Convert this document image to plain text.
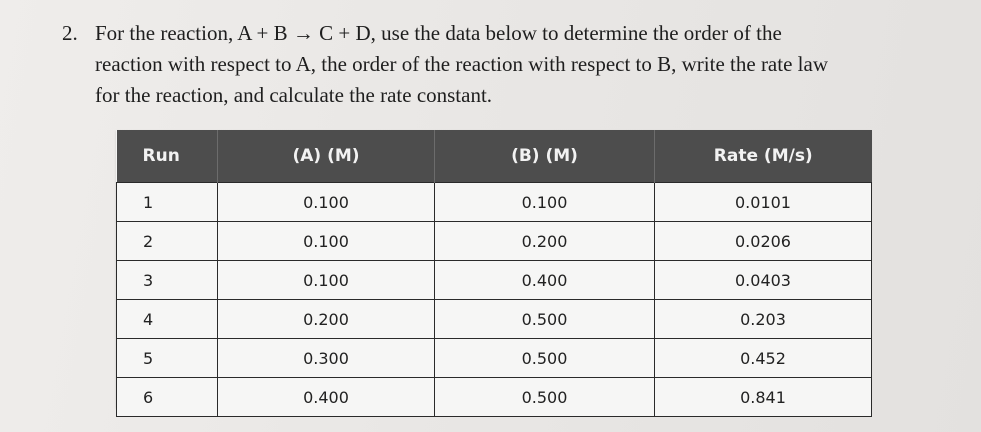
2. For the reaction, A + B → C + D, use the data below to determine the order of the
reaction with respect to A, the order of the reaction with respect to B, write the rate law
for the reaction, and calculate the rate constant.
Run	(A) (M)	(B) (M)	Rate (M/s)
1	0.100	0.100	0.0101
2	0.100	0.200	0.0206
3	0.100	0.400	0.0403
4	0.200	0.500	0.203
5	0.300	0.500	0.452
6	0.400	0.500	0.841
